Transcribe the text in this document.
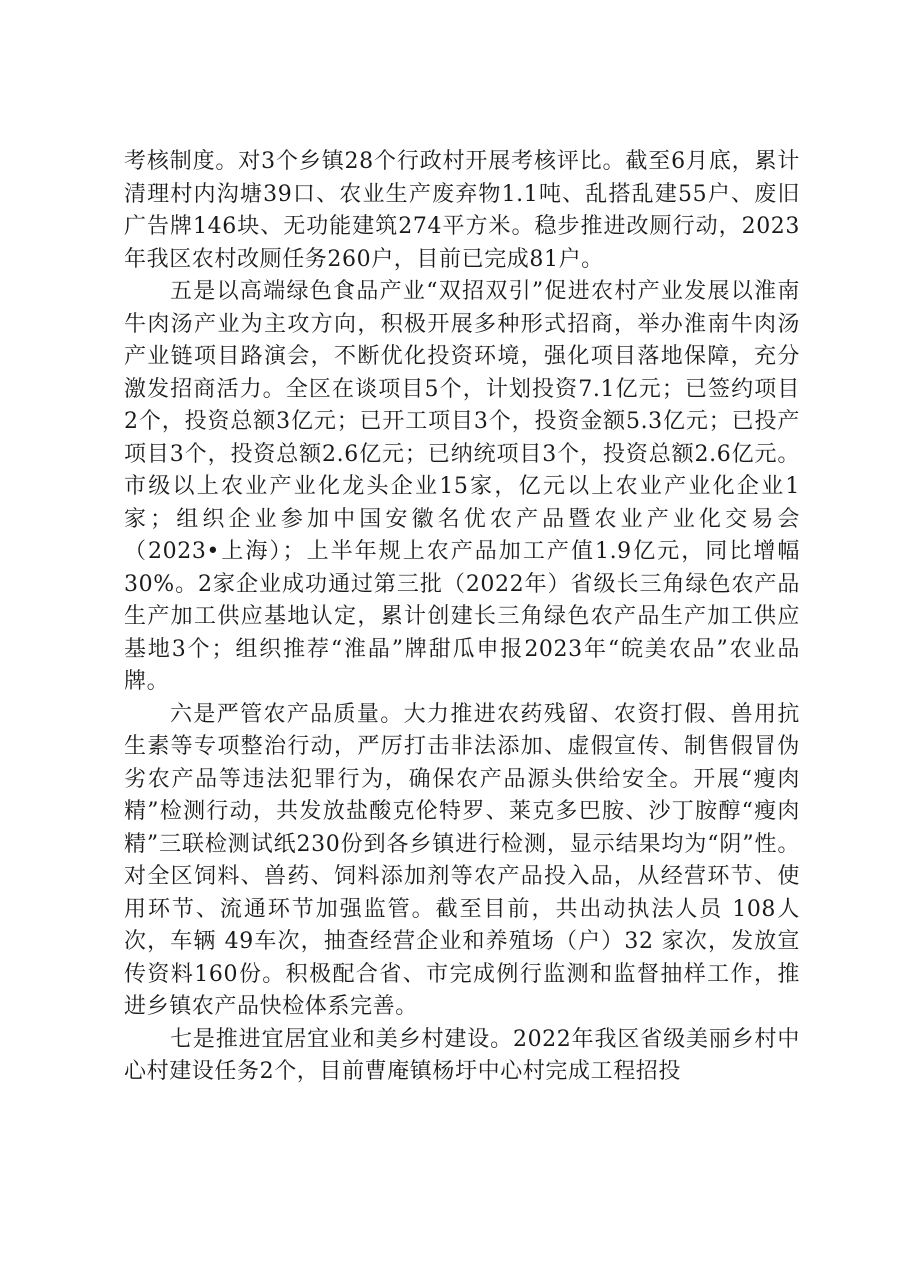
考核制度。对3个乡镇28个行政村开展考核评比。截至6月底，累计清理村内沟塘39口、农业生产废弃物1.1吨、乱搭乱建55户、废旧广告牌146块、无功能建筑274平方米。稳步推进改厕行动，2023年我区农村改厕任务260户，目前已完成81户。

五是以高端绿色食品产业“双招双引”促进农村产业发展以淮南牛肉汤产业为主攻方向，积极开展多种形式招商，举办淮南牛肉汤产业链项目路演会，不断优化投资环境，强化项目落地保障，充分激发招商活力。全区在谈项目5个，计划投资7.1亿元；已签约项目2个，投资总额3亿元；已开工项目3个，投资金额5.3亿元；已投产项目3个，投资总额2.6亿元；已纳统项目3个，投资总额2.6亿元。市级以上农业产业化龙头企业15家，亿元以上农业产业化企业1家；组织企业参加中国安徽名优农产品暨农业产业化交易会（2023•上海）；上半年规上农产品加工产值1.9亿元，同比增幅30%。2家企业成功通过第三批（2022年）省级长三角绿色农产品生产加工供应基地认定，累计创建长三角绿色农产品生产加工供应基地3个；组织推荐“淮晶”牌甜瓜申报2023年“皖美农品”农业品牌。

六是严管农产品质量。大力推进农药残留、农资打假、兽用抗生素等专项整治行动，严厉打击非法添加、虚假宣传、制售假冒伪劣农产品等违法犯罪行为，确保农产品源头供给安全。开展“瘦肉精”检测行动，共发放盐酸克伦特罗、莱克多巴胺、沙丁胺醇“瘦肉精”三联检测试纸230份到各乡镇进行检测，显示结果均为“阴”性。对全区饲料、兽药、饲料添加剂等农产品投入品，从经营环节、使用环节、流通环节加强监管。截至目前，共出动执法人员 108人次，车辆 49车次，抽查经营企业和养殖场（户）32 家次，发放宣传资料160份。积极配合省、市完成例行监测和监督抽样工作，推进乡镇农产品快检体系完善。

七是推进宜居宜业和美乡村建设。2022年我区省级美丽乡村中心村建设任务2个，目前曹庵镇杨圩中心村完成工程招投
